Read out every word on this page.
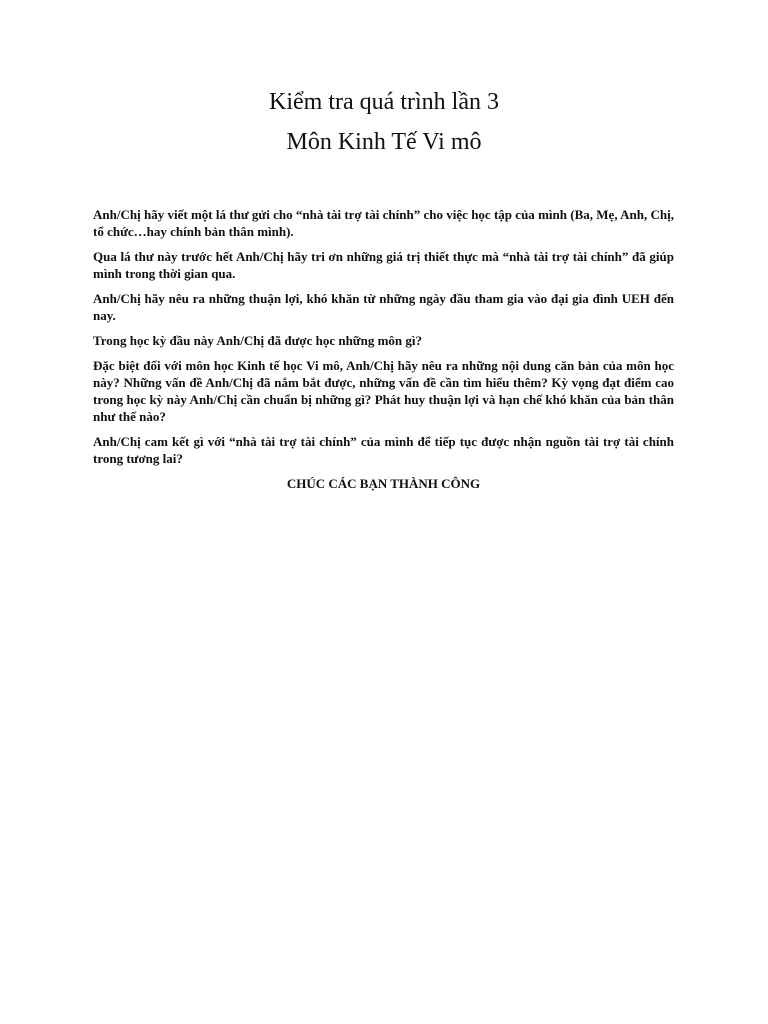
Kiểm tra quá trình lần 3
Môn Kinh Tế Vi mô

Anh/Chị hãy viết một lá thư gửi cho “nhà tài trợ tài chính” cho việc học tập của mình (Ba, Mẹ, Anh, Chị, tổ chức…hay chính bản thân mình).

Qua lá thư này trước hết Anh/Chị hãy tri ơn những giá trị thiết thực mà “nhà tài trợ tài chính” đã giúp mình trong thời gian qua.

Anh/Chị hãy nêu ra những thuận lợi, khó khăn từ những ngày đầu tham gia vào đại gia đình UEH đến nay.

Trong học kỳ đầu này Anh/Chị đã được học những môn gì?

Đặc biệt đối với môn học Kinh tế học Vi mô, Anh/Chị hãy nêu ra những nội dung căn bản của môn học này? Những vấn đề Anh/Chị đã nắm bắt được, những vấn đề cần tìm hiểu thêm? Kỳ vọng đạt điểm cao trong học kỳ này Anh/Chị cần chuẩn bị những gì? Phát huy thuận lợi và hạn chế khó khăn của bản thân như thế nào?

Anh/Chị cam kết gì với “nhà tài trợ tài chính” của mình để tiếp tục được nhận nguồn tài trợ tài chính trong tương lai?

CHÚC CÁC BẠN THÀNH CÔNG
